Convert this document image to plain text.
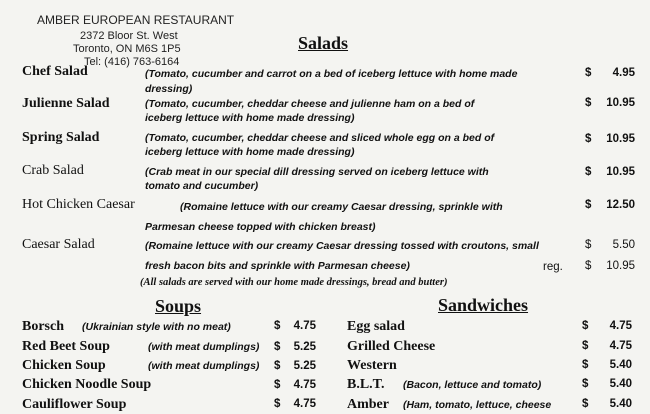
AMBER EUROPEAN RESTAURANT
2372 Bloor St. West
Toronto, ON M6S 1P5
Tel: (416) 763-6164
Salads
Chef Salad	(Tomato, cucumber and carrot on a bed of iceberg lettuce with home made
dressing)
$ 4.95
Julienne Salad	(Tomato, cucumber, cheddar cheese and julienne ham on a bed of
iceberg lettuce with home made dressing)
$ 10.95
Spring Salad	(Tomato, cucumber, cheddar cheese and sliced whole egg on a bed of
iceberg lettuce with home made dressing)
$ 10.95
Crab Salad	(Crab meat in our special dill dressing served on iceberg lettuce with
tomato and cucumber)
$ 10.95
Hot Chicken Caesar	(Romaine lettuce with our creamy Caesar dressing, sprinkle with
Parmesan cheese topped with chicken breast)
$ 12.50
Caesar Salad	(Romaine lettuce with our creamy Caesar dressing tossed with croutons, small
fresh bacon bits and sprinkle with Parmesan cheese)
$ 5.50
reg. $ 10.95
(All salads are served with our home made dressings, bread and butter)
Soups
Borsch (Ukrainian style with no meat)	$ 4.75
Red Beet Soup	(with meat dumplings) $ 5.25
Chicken Soup	(with meat dumplings) $ 5.25
Chicken Noodle Soup	$ 4.75
Cauliflower Soup	$ 4.75
Sandwiches
Egg salad	$ 4.75
Grilled Cheese	$ 4.75
Western	$ 5.40
B.L.T. (Bacon, lettuce and tomato)	$ 5.40
Amber (Ham, tomato, lettuce, cheese	$ 5.40
